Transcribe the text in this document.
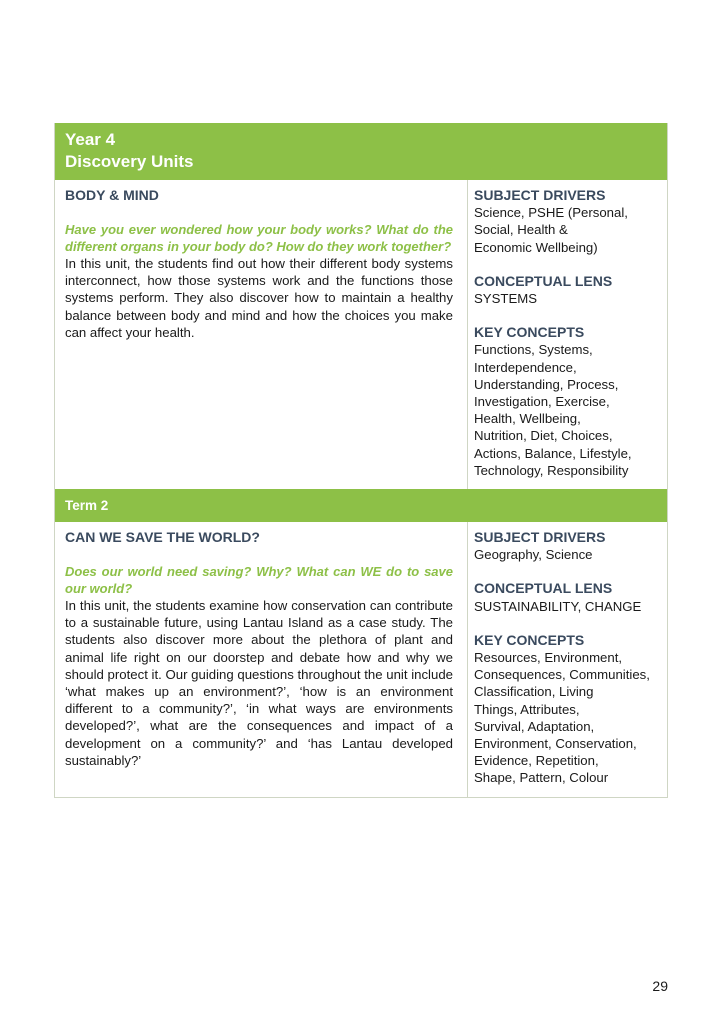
Year 4
Discovery Units
BODY & MIND
Have you ever wondered how your body works? What do the different organs in your body do? How do they work together?
In this unit, the students find out how their different body systems interconnect, how those systems work and the functions those systems perform. They also discover how to maintain a healthy balance between body and mind and how the choices you make can affect your health.
SUBJECT DRIVERS
Science, PSHE (Personal,
Social, Health &
Economic Wellbeing)
CONCEPTUAL LENS
SYSTEMS
KEY CONCEPTS
Functions, Systems,
Interdependence,
Understanding, Process,
Investigation, Exercise,
Health, Wellbeing,
Nutrition, Diet, Choices,
Actions, Balance, Lifestyle,
Technology, Responsibility
Term 2
CAN WE SAVE THE WORLD?
Does our world need saving? Why? What can WE do to save our world?
In this unit, the students examine how conservation can contribute to a sustainable future, using Lantau Island as a case study. The students also discover more about the plethora of plant and animal life right on our doorstep and debate how and why we should protect it. Our guiding questions throughout the unit include ‘what makes up an environment?’, ‘how is an environment different to a community?’, ‘in what ways are environments developed?’, what are the consequences and impact of a development on a community?’ and ‘has Lantau developed sustainably?’
SUBJECT DRIVERS
Geography, Science
CONCEPTUAL LENS
SUSTAINABILITY, CHANGE
KEY CONCEPTS
Resources, Environment,
Consequences, Communities,
Classification, Living
Things, Attributes,
Survival, Adaptation,
Environment, Conservation,
Evidence, Repetition,
Shape, Pattern, Colour
29
